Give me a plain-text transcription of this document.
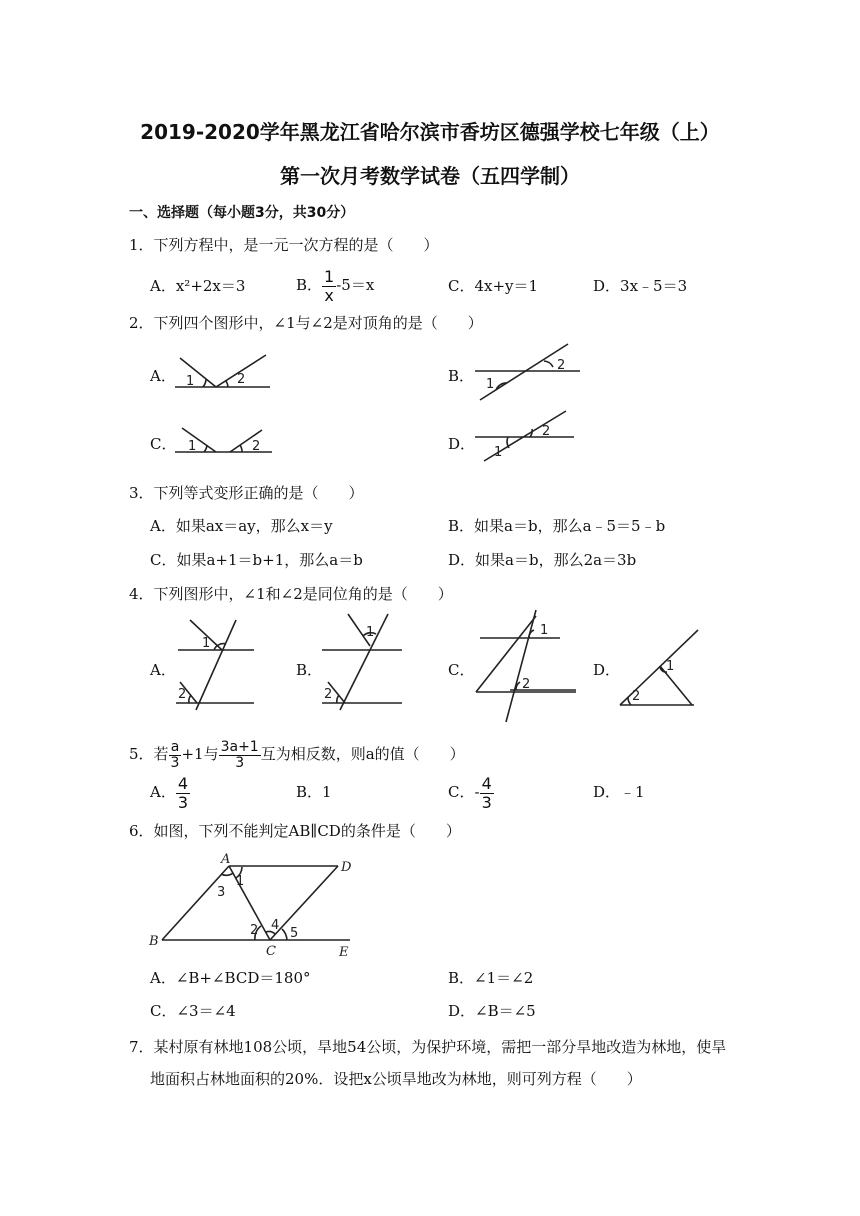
2019-2020学年黑龙江省哈尔滨市香坊区德强学校七年级（上）
第一次月考数学试卷（五四学制）
一、选择题（每小题3分，共30分）
1．下列方程中，是一元一次方程的是（　　）
A．x²+2x＝3	B． $\frac{1}{x} -5=x$	C．4x+y＝1	D．3x﹣5＝3
2．下列四个图形中，∠1与∠2是对顶角的是（　　）
A． 1	2	B． 1
2
C． 1	2	D． 1
2
3．下列等式变形正确的是（　　）
A．如果ax＝ay，那么x＝y	B．如果a＝b，那么a﹣5＝5﹣b
C．如果a+1＝b+1，那么a＝b	D．如果a＝b，那么2a＝3b
4．下列图形中，∠1和∠2是同位角的是（　　）
A．
1
2
B．
1
2
C．
1
2
D．	1
2
5．若 $\frac{a}{3} +1$与 $\frac{3a+1}{3}$ 互为相反数，则a的值（　　）
A． $\frac{4}{3}$	B．1	C．- $\frac{4}{3}$	D．﹣1
6．如图，下列不能判定AB∥CD的条件是（　　）
A
B
C
D
E
1
2
3
4
5
A．∠B+∠BCD＝180°	B．∠1＝∠2
C．∠3＝∠4	D．∠B＝∠5
7．某村原有林地108公顷，旱地54公顷，为保护环境，需把一部分旱地改造为林地，使旱
地面积占林地面积的20%．设把x公顷旱地改为林地，则可列方程（　　）
